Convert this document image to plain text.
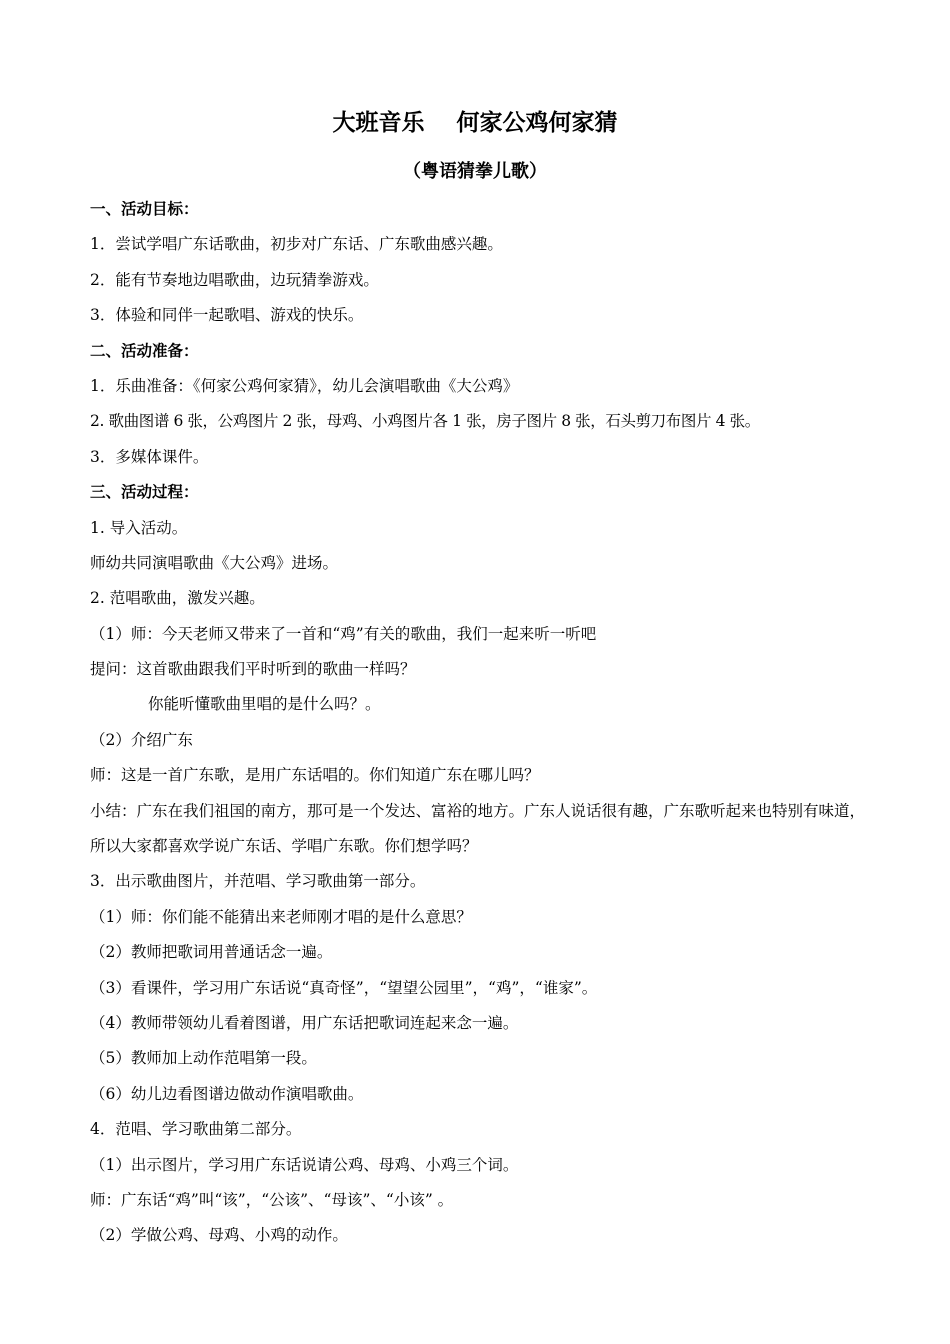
大班音乐    何家公鸡何家猜
（粤语猜拳儿歌）
一、活动目标：
1．尝试学唱广东话歌曲，初步对广东话、广东歌曲感兴趣。
2．能有节奏地边唱歌曲，边玩猜拳游戏。
3．体验和同伴一起歌唱、游戏的快乐。
二、活动准备：
1．乐曲准备：《何家公鸡何家猜》，幼儿会演唱歌曲《大公鸡》
2. 歌曲图谱 6 张，公鸡图片 2 张，母鸡、小鸡图片各 1 张，房子图片 8 张，石头剪刀布图片 4 张。
3．多媒体课件。
三、活动过程：
1. 导入活动。
师幼共同演唱歌曲《大公鸡》进场。
2. 范唱歌曲，激发兴趣。
（1）师：今天老师又带来了一首和“鸡”有关的歌曲，我们一起来听一听吧
提问：这首歌曲跟我们平时听到的歌曲一样吗？
你能听懂歌曲里唱的是什么吗？。
（2）介绍广东
师：这是一首广东歌，是用广东话唱的。你们知道广东在哪儿吗？
小结：广东在我们祖国的南方，那可是一个发达、富裕的地方。广东人说话很有趣，广东歌听起来也特别有味道，所以大家都喜欢学说广东话、学唱广东歌。你们想学吗？
3．出示歌曲图片，并范唱、学习歌曲第一部分。
（1）师：你们能不能猜出来老师刚才唱的是什么意思？
（2）教师把歌词用普通话念一遍。
（3）看课件，学习用广东话说“真奇怪”，“望望公园里”，“鸡”，“谁家”。
（4）教师带领幼儿看着图谱，用广东话把歌词连起来念一遍。
（5）教师加上动作范唱第一段。
（6）幼儿边看图谱边做动作演唱歌曲。
4．范唱、学习歌曲第二部分。
（1）出示图片，学习用广东话说请公鸡、母鸡、小鸡三个词。
师：广东话“鸡”叫“该”，“公该”、“母该”、“小该” 。
（2）学做公鸡、母鸡、小鸡的动作。
